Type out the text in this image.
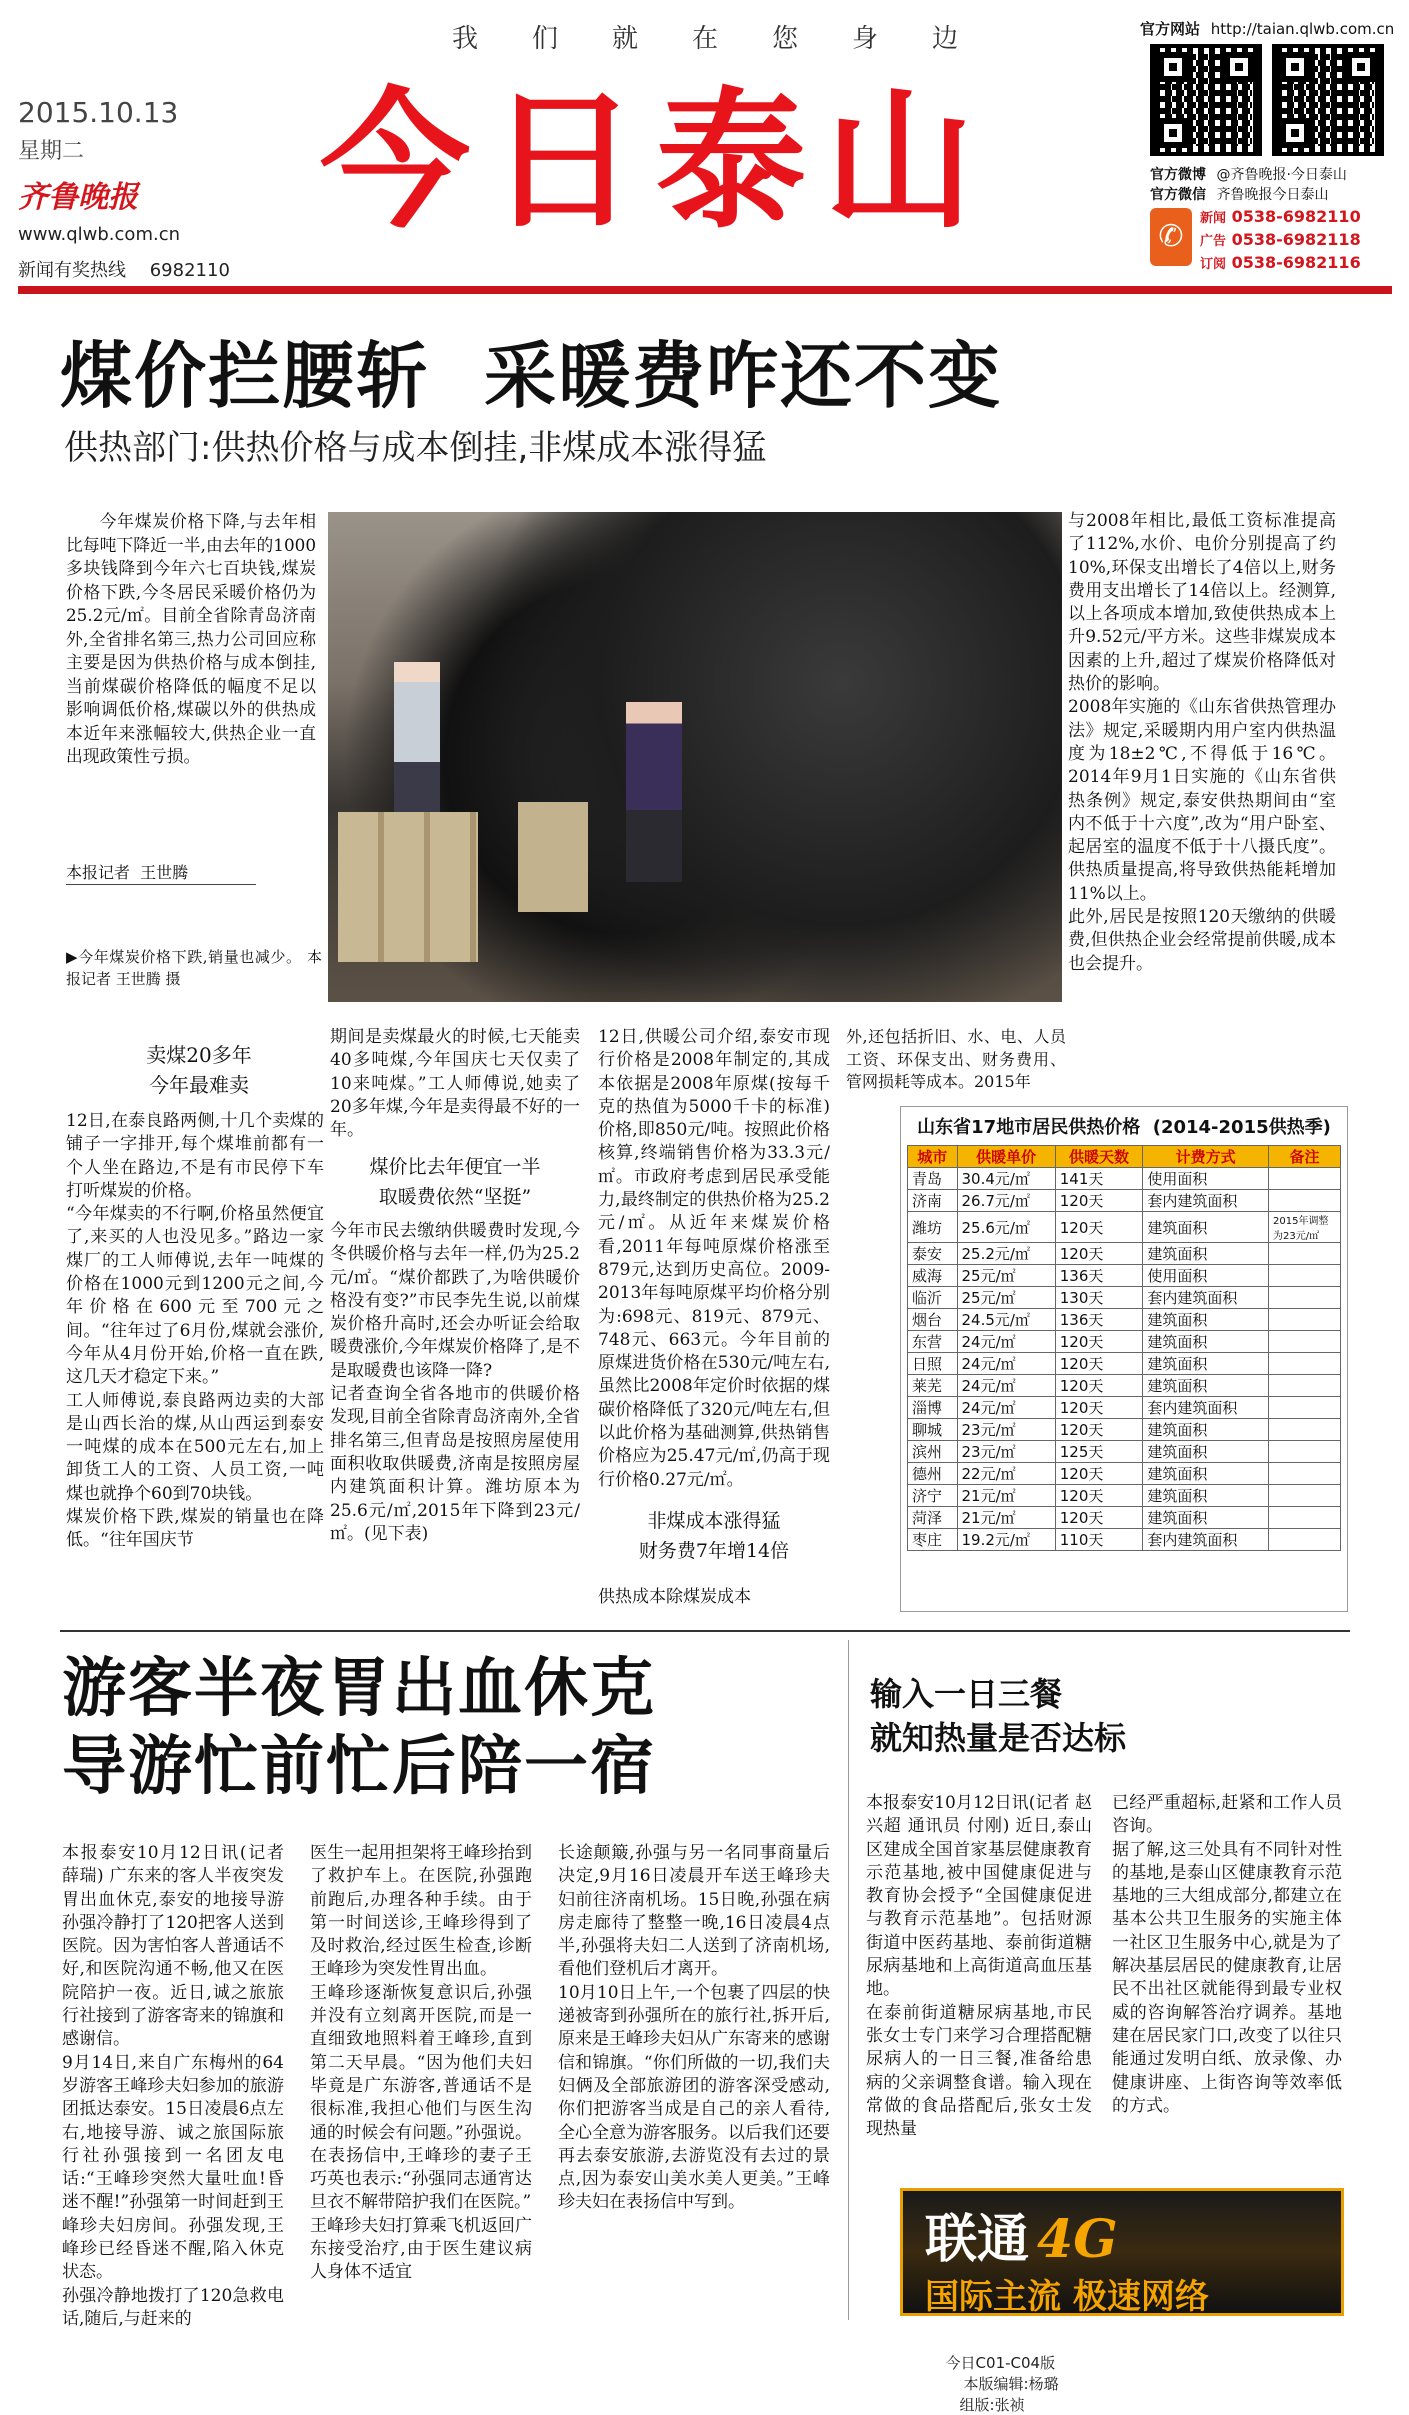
我们就在您身边
2015.10.13
星期二
齐鲁晚报
www.qlwb.com.cn
新闻有奖热线 6982110
今日泰山
官方网站 http://taian.qlwb.com.cn
官方微博 @齐鲁晚报·今日泰山
官方微信 齐鲁晚报今日泰山
✆
新闻 0538-6982110
广告 0538-6982118
订阅 0538-6982116
煤价拦腰斩  采暖费咋还不变
供热部门:供热价格与成本倒挂,非煤成本涨得猛
今年煤炭价格下降,与去年相比每吨下降近一半,由去年的1000多块钱降到今年六七百块钱,煤炭价格下跌,今冬居民采暖价格仍为25.2元/㎡。目前全省除青岛济南外,全省排名第三,热力公司回应称主要是因为供热价格与成本倒挂,当前煤碳价格降低的幅度不足以影响调低价格,煤碳以外的供热成本近年来涨幅较大,供热企业一直出现政策性亏损。
本报记者  王世腾
▶今年煤炭价格下跌,销量也减少。 本报记者 王世腾 摄
与2008年相比,最低工资标准提高了112%,水价、电价分别提高了约10%,环保支出增长了4倍以上,财务费用支出增长了14倍以上。经测算,以上各项成本增加,致使供热成本上升9.52元/平方米。这些非煤炭成本因素的上升,超过了煤炭价格降低对热价的影响。
2008年实施的《山东省供热管理办法》规定,采暖期内用户室内供热温度为18±2℃,不得低于16℃。2014年9月1日实施的《山东省供热条例》规定,泰安供热期间由“室内不低于十六度”,改为“用户卧室、起居室的温度不低于十八摄氏度”。供热质量提高,将导致供热能耗增加11%以上。
此外,居民是按照120天缴纳的供暖费,但供热企业会经常提前供暖,成本也会提升。
卖煤20多年
今年最难卖
12日,在泰良路两侧,十几个卖煤的铺子一字排开,每个煤堆前都有一个人坐在路边,不是有市民停下车打听煤炭的价格。
“今年煤卖的不行啊,价格虽然便宜了,来买的人也没见多。”路边一家煤厂的工人师傅说,去年一吨煤的价格在1000元到1200元之间,今年价格在600元至700元之间。“往年过了6月份,煤就会涨价,今年从4月份开始,价格一直在跌,这几天才稳定下来。”
工人师傅说,泰良路两边卖的大部是山西长治的煤,从山西运到泰安一吨煤的成本在500元左右,加上卸货工人的工资、人员工资,一吨煤也就挣个60到70块钱。
煤炭价格下跌,煤炭的销量也在降低。“往年国庆节
期间是卖煤最火的时候,七天能卖40多吨煤,今年国庆七天仅卖了10来吨煤。”工人师傅说,她卖了20多年煤,今年是卖得最不好的一年。
煤价比去年便宜一半
取暖费依然“坚挺”
今年市民去缴纳供暖费时发现,今冬供暖价格与去年一样,仍为25.2元/㎡。“煤价都跌了,为啥供暖价格没有变?”市民李先生说,以前煤炭价格升高时,还会办听证会给取暖费涨价,今年煤炭价格降了,是不是取暖费也该降一降?
记者查询全省各地市的供暖价格发现,目前全省除青岛济南外,全省排名第三,但青岛是按照房屋使用面积收取供暖费,济南是按照房屋内建筑面积计算。潍坊原本为25.6元/㎡,2015年下降到23元/㎡。(见下表)
12日,供暖公司介绍,泰安市现行价格是2008年制定的,其成本依据是2008年原煤(按每千克的热值为5000千卡的标准)价格,即850元/吨。按照此价格核算,终端销售价格为33.3元/㎡。市政府考虑到居民承受能力,最终制定的供热价格为25.2元/㎡。从近年来煤炭价格看,2011年每吨原煤价格涨至879元,达到历史高位。2009-2013年每吨原煤平均价格分别为:698元、819元、879元、748元、663元。今年目前的原煤进货价格在530元/吨左右,虽然比2008年定价时依据的煤碳价格降低了320元/吨左右,但以此价格为基础测算,供热销售价格应为25.47元/㎡,仍高于现行价格0.27元/㎡。
非煤成本涨得猛
财务费7年增14倍
供热成本除煤炭成本
外,还包括折旧、水、电、人员工资、环保支出、财务费用、管网损耗等成本。2015年
山东省17地市居民供热价格  (2014-2015供热季)
城市	供暖单价	供暖天数	计费方式	备注
青岛	30.4元/㎡	141天	使用面积	
济南	26.7元/㎡	120天	套内建筑面积	
潍坊	25.6元/㎡	120天	建筑面积	2015年调整为23元/㎡
泰安	25.2元/㎡	120天	建筑面积	
威海	25元/㎡	136天	使用面积	
临沂	25元/㎡	130天	套内建筑面积	
烟台	24.5元/㎡	136天	建筑面积	
东营	24元/㎡	120天	建筑面积	
日照	24元/㎡	120天	建筑面积	
莱芜	24元/㎡	120天	建筑面积	
淄博	24元/㎡	120天	套内建筑面积	
聊城	23元/㎡	120天	建筑面积	
滨州	23元/㎡	125天	建筑面积	
德州	22元/㎡	120天	建筑面积	
济宁	21元/㎡	120天	建筑面积	
菏泽	21元/㎡	120天	建筑面积	
枣庄	19.2元/㎡	110天	套内建筑面积	
游客半夜胃出血休克
导游忙前忙后陪一宿
本报泰安10月12日讯(记者 薛瑞) 广东来的客人半夜突发胃出血休克,泰安的地接导游孙强冷静打了120把客人送到医院。因为害怕客人普通话不好,和医院沟通不畅,他又在医院陪护一夜。近日,诚之旅旅行社接到了游客寄来的锦旗和感谢信。
9月14日,来自广东梅州的64岁游客王峰珍夫妇参加的旅游团抵达泰安。15日凌晨6点左右,地接导游、诚之旅国际旅行社孙强接到一名团友电话:“王峰珍突然大量吐血!昏迷不醒!”孙强第一时间赶到王峰珍夫妇房间。孙强发现,王峰珍已经昏迷不醒,陷入休克状态。
孙强冷静地拨打了120急救电话,随后,与赶来的
医生一起用担架将王峰珍抬到了救护车上。在医院,孙强跑前跑后,办理各种手续。由于第一时间送诊,王峰珍得到了及时救治,经过医生检查,诊断王峰珍为突发性胃出血。
王峰珍逐渐恢复意识后,孙强并没有立刻离开医院,而是一直细致地照料着王峰珍,直到第二天早晨。“因为他们夫妇毕竟是广东游客,普通话不是很标准,我担心他们与医生沟通的时候会有问题。”孙强说。在表扬信中,王峰珍的妻子王巧英也表示:“孙强同志通宵达旦衣不解带陪护我们在医院。”
王峰珍夫妇打算乘飞机返回广东接受治疗,由于医生建议病人身体不适宜
长途颠簸,孙强与另一名同事商量后决定,9月16日凌晨开车送王峰珍夫妇前往济南机场。15日晚,孙强在病房走廊待了整整一晚,16日凌晨4点半,孙强将夫妇二人送到了济南机场,看他们登机后才离开。
10月10日上午,一个包裹了四层的快递被寄到孙强所在的旅行社,拆开后,原来是王峰珍夫妇从广东寄来的感谢信和锦旗。“你们所做的一切,我们夫妇俩及全部旅游团的游客深受感动,你们把游客当成是自己的亲人看待,全心全意为游客服务。以后我们还要再去泰安旅游,去游览没有去过的景点,因为泰安山美水美人更美。”王峰珍夫妇在表扬信中写到。
输入一日三餐
就知热量是否达标
本报泰安10月12日讯(记者 赵兴超 通讯员 付刚) 近日,泰山区建成全国首家基层健康教育示范基地,被中国健康促进与教育协会授予“全国健康促进与教育示范基地”。包括财源街道中医药基地、泰前街道糖尿病基地和上高街道高血压基地。
在泰前街道糖尿病基地,市民张女士专门来学习合理搭配糖尿病人的一日三餐,准备给患病的父亲调整食谱。输入现在常做的食品搭配后,张女士发现热量
已经严重超标,赶紧和工作人员咨询。
据了解,这三处具有不同针对性的基地,是泰山区健康教育示范基地的三大组成部分,都建立在基本公共卫生服务的实施主体一社区卫生服务中心,就是为了解决基层居民的健康教育,让居民不出社区就能得到最专业权威的咨询解答治疗调养。基地建在居民家门口,改变了以往只能通过发明白纸、放录像、办健康讲座、上街咨询等效率低的方式。
联通 4G
国际主流 极速网络

今日C01-C04版
本版编辑:杨璐
组版:张祯
